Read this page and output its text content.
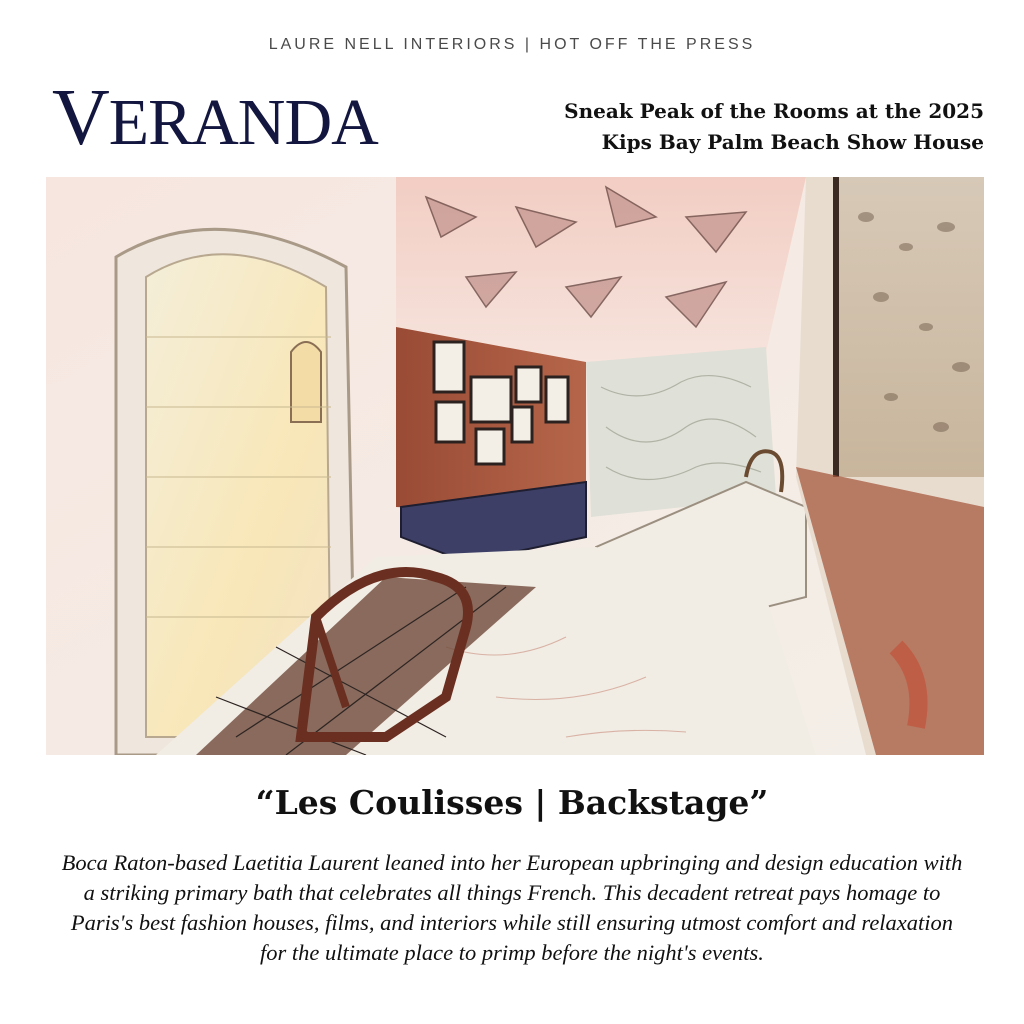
LAURE NELL INTERIORS | HOT OFF THE PRESS
VERANDA	Sneak Peak of the Rooms at the 2025
Kips Bay Palm Beach Show House
“Les Coulisses | Backstage”
Boca Raton-based Laetitia Laurent leaned into her European upbringing and design education with a striking primary bath that celebrates all things French. This decadent retreat pays homage to Paris's best fashion houses, films, and interiors while still ensuring utmost comfort and relaxation for the ultimate place to primp before the night's events.
